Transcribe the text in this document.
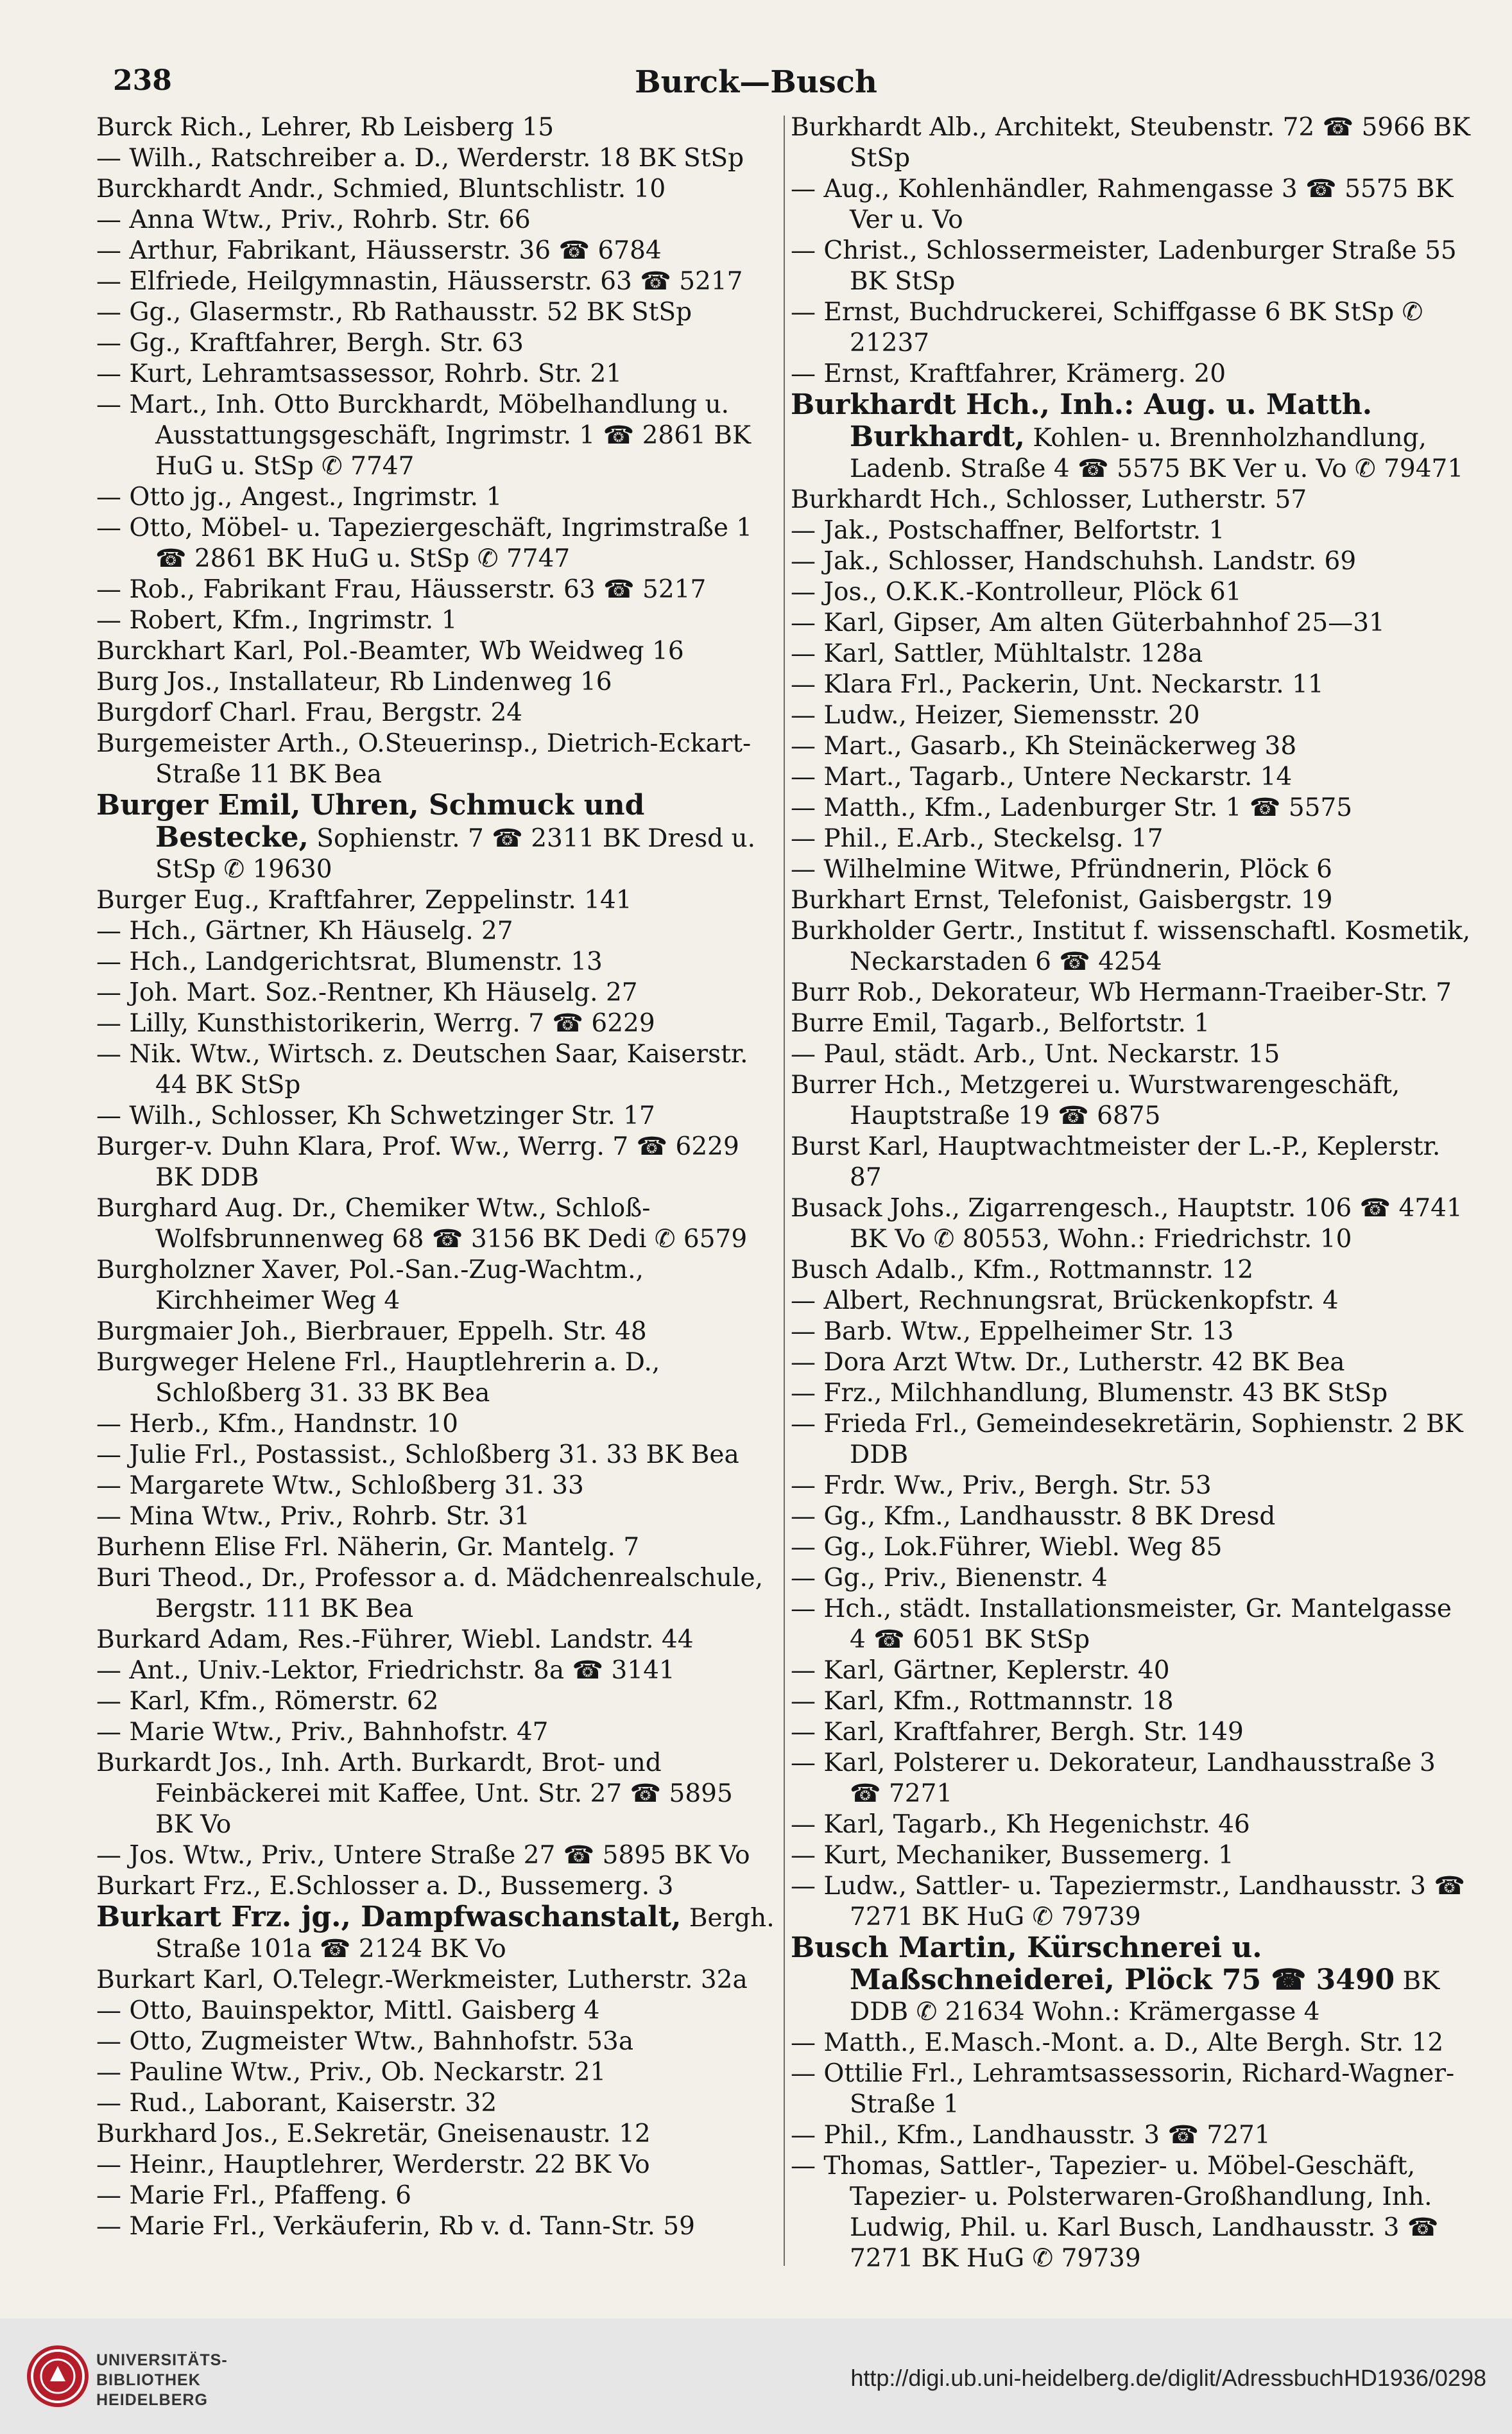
Burck—Busch
238

Burck Rich., Lehrer, Rb Leisberg 15

— Wilh., Ratschreiber a. D., Werderstr. 18 BK StSp

Burckhardt Andr., Schmied, Bluntschlistr. 10

— Anna Wtw., Priv., Rohrb. Str. 66

— Arthur, Fabrikant, Häusserstr. 36 ☎ 6784

— Elfriede, Heilgymnastin, Häusserstr. 63 ☎ 5217

— Gg., Glasermstr., Rb Rathausstr. 52 BK StSp

— Gg., Kraftfahrer, Bergh. Str. 63

— Kurt, Lehramtsassessor, Rohrb. Str. 21

— Mart., Inh. Otto Burckhardt, Möbelhandlung u. Ausstattungsgeschäft, Ingrimstr. 1 ☎ 2861 BK HuG u. StSp ✆ 7747

— Otto jg., Angest., Ingrimstr. 1

— Otto, Möbel- u. Tapeziergeschäft, Ingrimstraße 1 ☎ 2861 BK HuG u. StSp ✆ 7747

— Rob., Fabrikant Frau, Häusserstr. 63 ☎ 5217

— Robert, Kfm., Ingrimstr. 1

Burckhart Karl, Pol.-Beamter, Wb Weidweg 16

Burg Jos., Installateur, Rb Lindenweg 16

Burgdorf Charl. Frau, Bergstr. 24

Burgemeister Arth., O.Steuerinsp., Dietrich-Eckart-Straße 11 BK Bea

Burger Emil, Uhren, Schmuck und Bestecke, Sophienstr. 7 ☎ 2311 BK Dresd u. StSp ✆ 19630

Burger Eug., Kraftfahrer, Zeppelinstr. 141

— Hch., Gärtner, Kh Häuselg. 27

— Hch., Landgerichtsrat, Blumenstr. 13

— Joh. Mart. Soz.-Rentner, Kh Häuselg. 27

— Lilly, Kunsthistorikerin, Werrg. 7 ☎ 6229

— Nik. Wtw., Wirtsch. z. Deutschen Saar, Kaiserstr. 44 BK StSp

— Wilh., Schlosser, Kh Schwetzinger Str. 17

Burger-v. Duhn Klara, Prof. Ww., Werrg. 7 ☎ 6229 BK DDB

Burghard Aug. Dr., Chemiker Wtw., Schloß-Wolfsbrunnenweg 68 ☎ 3156 BK Dedi ✆ 6579

Burgholzner Xaver, Pol.-San.-Zug-Wachtm., Kirchheimer Weg 4

Burgmaier Joh., Bierbrauer, Eppelh. Str. 48

Burgweger Helene Frl., Hauptlehrerin a. D., Schloßberg 31. 33 BK Bea

— Herb., Kfm., Handnstr. 10

— Julie Frl., Postassist., Schloßberg 31. 33 BK Bea

— Margarete Wtw., Schloßberg 31. 33

— Mina Wtw., Priv., Rohrb. Str. 31

Burhenn Elise Frl. Näherin, Gr. Mantelg. 7

Buri Theod., Dr., Professor a. d. Mädchenrealschule, Bergstr. 111 BK Bea

Burkard Adam, Res.-Führer, Wiebl. Landstr. 44

— Ant., Univ.-Lektor, Friedrichstr. 8a ☎ 3141

— Karl, Kfm., Römerstr. 62

— Marie Wtw., Priv., Bahnhofstr. 47

Burkardt Jos., Inh. Arth. Burkardt, Brot- und Feinbäckerei mit Kaffee, Unt. Str. 27 ☎ 5895 BK Vo

— Jos. Wtw., Priv., Untere Straße 27 ☎ 5895 BK Vo

Burkart Frz., E.Schlosser a. D., Bussemerg. 3

Burkart Frz. jg., Dampfwaschanstalt, Bergh. Straße 101a ☎ 2124 BK Vo

Burkart Karl, O.Telegr.-Werkmeister, Lutherstr. 32a

— Otto, Bauinspektor, Mittl. Gaisberg 4

— Otto, Zugmeister Wtw., Bahnhofstr. 53a

— Pauline Wtw., Priv., Ob. Neckarstr. 21

— Rud., Laborant, Kaiserstr. 32

Burkhard Jos., E.Sekretär, Gneisenaustr. 12

— Heinr., Hauptlehrer, Werderstr. 22 BK Vo

— Marie Frl., Pfaffeng. 6

— Marie Frl., Verkäuferin, Rb v. d. Tann-Str. 59

Burkhardt Alb., Architekt, Steubenstr. 72 ☎ 5966 BK StSp

— Aug., Kohlenhändler, Rahmengasse 3 ☎ 5575 BK Ver u. Vo

— Christ., Schlossermeister, Ladenburger Straße 55 BK StSp

— Ernst, Buchdruckerei, Schiffgasse 6 BK StSp ✆ 21237

— Ernst, Kraftfahrer, Krämerg. 20

Burkhardt Hch., Inh.: Aug. u. Matth. Burkhardt, Kohlen- u. Brennholzhandlung, Ladenb. Straße 4 ☎ 5575 BK Ver u. Vo ✆ 79471

Burkhardt Hch., Schlosser, Lutherstr. 57

— Jak., Postschaffner, Belfortstr. 1

— Jak., Schlosser, Handschuhsh. Landstr. 69

— Jos., O.K.K.-Kontrolleur, Plöck 61

— Karl, Gipser, Am alten Güterbahnhof 25—31

— Karl, Sattler, Mühltalstr. 128a

— Klara Frl., Packerin, Unt. Neckarstr. 11

— Ludw., Heizer, Siemensstr. 20

— Mart., Gasarb., Kh Steinäckerweg 38

— Mart., Tagarb., Untere Neckarstr. 14

— Matth., Kfm., Ladenburger Str. 1 ☎ 5575

— Phil., E.Arb., Steckelsg. 17

— Wilhelmine Witwe, Pfründnerin, Plöck 6

Burkhart Ernst, Telefonist, Gaisbergstr. 19

Burkholder Gertr., Institut f. wissenschaftl. Kosmetik, Neckarstaden 6 ☎ 4254

Burr Rob., Dekorateur, Wb Hermann-Traeiber-Str. 7

Burre Emil, Tagarb., Belfortstr. 1

— Paul, städt. Arb., Unt. Neckarstr. 15

Burrer Hch., Metzgerei u. Wurstwarengeschäft, Hauptstraße 19 ☎ 6875

Burst Karl, Hauptwachtmeister der L.-P., Keplerstr. 87

Busack Johs., Zigarrengesch., Hauptstr. 106 ☎ 4741 BK Vo ✆ 80553, Wohn.: Friedrichstr. 10

Busch Adalb., Kfm., Rottmannstr. 12

— Albert, Rechnungsrat, Brückenkopfstr. 4

— Barb. Wtw., Eppelheimer Str. 13

— Dora Arzt Wtw. Dr., Lutherstr. 42 BK Bea

— Frz., Milchhandlung, Blumenstr. 43 BK StSp

— Frieda Frl., Gemeindesekretärin, Sophienstr. 2 BK DDB

— Frdr. Ww., Priv., Bergh. Str. 53

— Gg., Kfm., Landhausstr. 8 BK Dresd

— Gg., Lok.Führer, Wiebl. Weg 85

— Gg., Priv., Bienenstr. 4

— Hch., städt. Installationsmeister, Gr. Mantelgasse 4 ☎ 6051 BK StSp

— Karl, Gärtner, Keplerstr. 40

— Karl, Kfm., Rottmannstr. 18

— Karl, Kraftfahrer, Bergh. Str. 149

— Karl, Polsterer u. Dekorateur, Landhausstraße 3 ☎ 7271

— Karl, Tagarb., Kh Hegenichstr. 46

— Kurt, Mechaniker, Bussemerg. 1

— Ludw., Sattler- u. Tapeziermstr., Landhausstr. 3 ☎ 7271 BK HuG ✆ 79739

Busch Martin, Kürschnerei u. Maßschneiderei, Plöck 75 ☎ 3490 BK DDB ✆ 21634 Wohn.: Krämergasse 4

— Matth., E.Masch.-Mont. a. D., Alte Bergh. Str. 12

— Ottilie Frl., Lehramtsassessorin, Richard-Wagner-Straße 1

— Phil., Kfm., Landhausstr. 3 ☎ 7271

— Thomas, Sattler-, Tapezier- u. Möbel-Geschäft, Tapezier- u. Polsterwaren-Großhandlung, Inh. Ludwig, Phil. u. Karl Busch, Landhausstr. 3 ☎ 7271 BK HuG ✆ 79739

UNIVERSITÄTS-
BIBLIOTHEK
HEIDELBERG
http://digi.ub.uni-heidelberg.de/diglit/AdressbuchHD1936/0298
